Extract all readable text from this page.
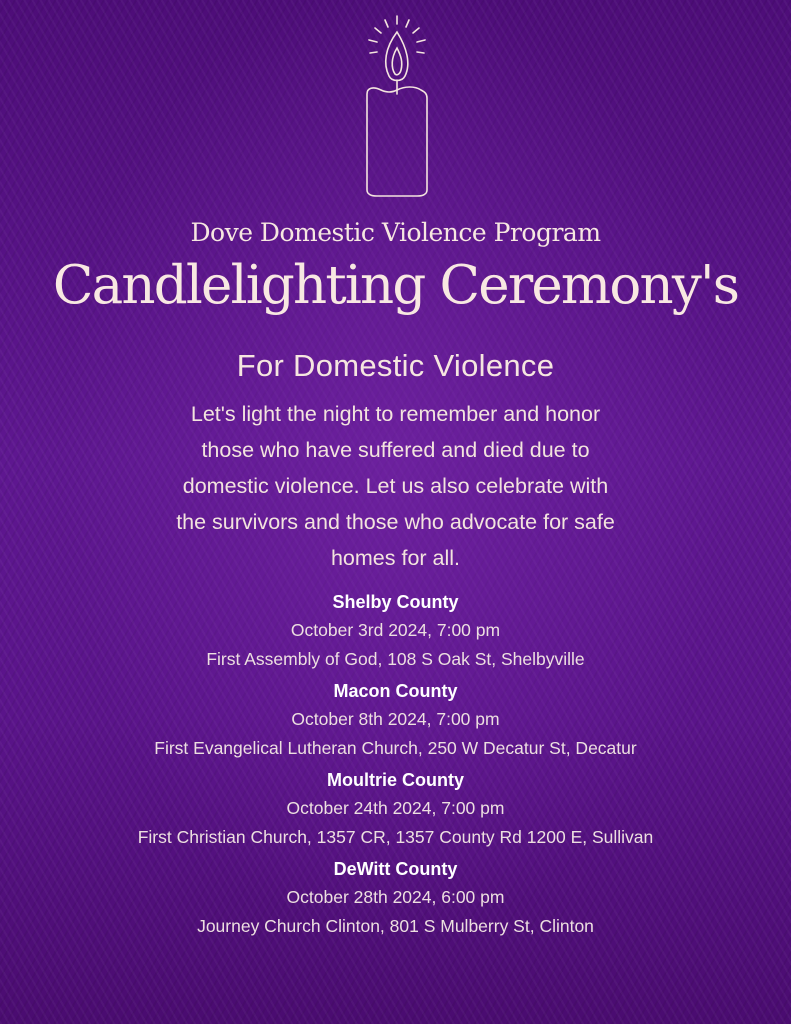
Dove Domestic Violence Program
Candlelighting Ceremony's
For Domestic Violence
Let's light the night to remember and honor
those who have suffered and died due to
domestic violence. Let us also celebrate with
the survivors and those who advocate for safe
homes for all.
Shelby County
October 3rd 2024, 7:00 pm
First Assembly of God, 108 S Oak St, Shelbyville
Macon County
October 8th 2024, 7:00 pm
First Evangelical Lutheran Church, 250 W Decatur St, Decatur
Moultrie County
October 24th 2024, 7:00 pm
First Christian Church, 1357 CR, 1357 County Rd 1200 E, Sullivan
DeWitt County
October 28th 2024, 6:00 pm
Journey Church Clinton, 801 S Mulberry St, Clinton
